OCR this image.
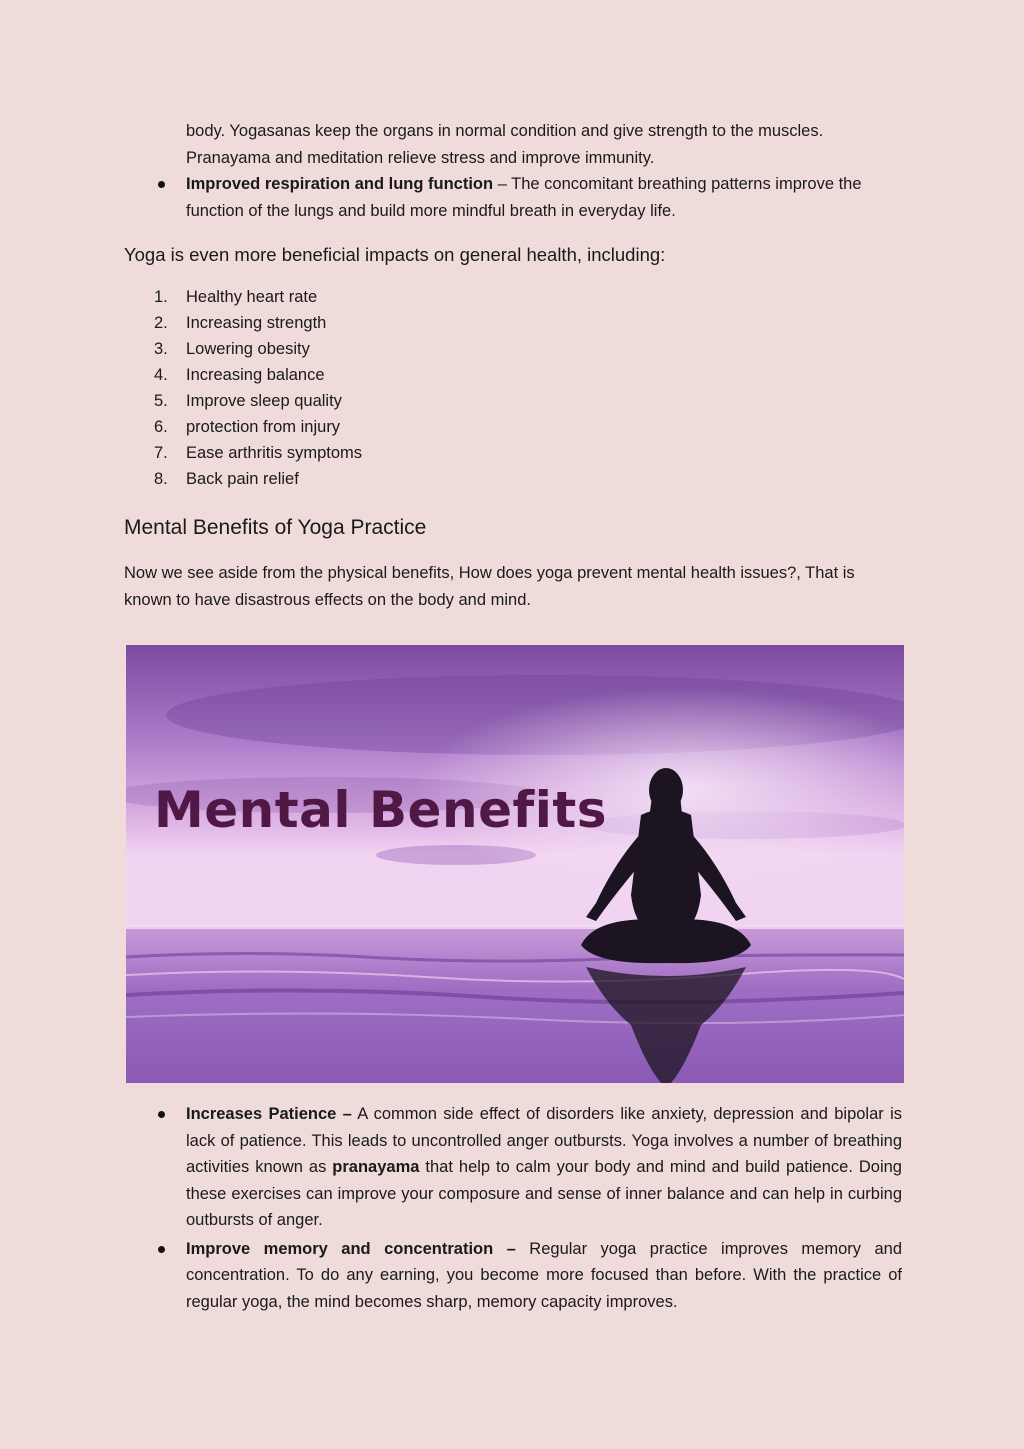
body. Yogasanas keep the organs in normal condition and give strength to the muscles.
Pranayama and meditation relieve stress and improve immunity.

Improved respiration and lung function – The concomitant breathing patterns improve the function of the lungs and build more mindful breath in everyday life.

Yoga is even more beneficial impacts on general health, including:

1. Healthy heart rate
2. Increasing strength
3. Lowering obesity
4. Increasing balance
5. Improve sleep quality
6. protection from injury
7. Ease arthritis symptoms
8. Back pain relief
Mental Benefits of Yoga Practice

Now we see aside from the physical benefits, How does yoga prevent mental health issues?, That is known to have disastrous effects on the body and mind.

Mental Benefits
Increases Patience – A common side effect of disorders like anxiety, depression and bipolar is lack of patience. This leads to uncontrolled anger outbursts. Yoga involves a number of breathing activities known as pranayama that help to calm your body and mind and build patience. Doing these exercises can improve your composure and sense of inner balance and can help in curbing outbursts of anger.
Improve memory and concentration – Regular yoga practice improves memory and concentration. To do any earning, you become more focused than before. With the practice of regular yoga, the mind becomes sharp, memory capacity improves.
